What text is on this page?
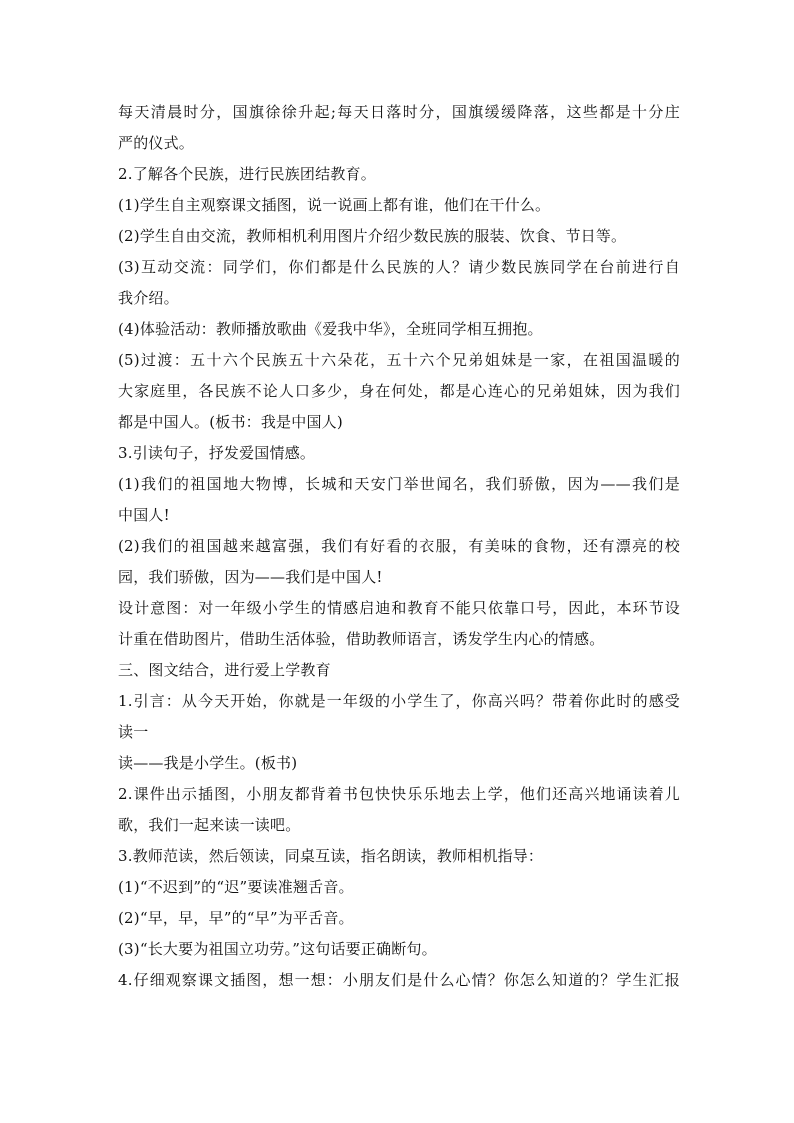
每天清晨时分，国旗徐徐升起;每天日落时分，国旗缓缓降落，这些都是十分庄
严的仪式。
2.了解各个民族，进行民族团结教育。
(1)学生自主观察课文插图，说一说画上都有谁，他们在干什么。
(2)学生自由交流，教师相机利用图片介绍少数民族的服装、饮食、节日等。
(3)互动交流：同学们，你们都是什么民族的人？请少数民族同学在台前进行自
我介绍。
(4)体验活动：教师播放歌曲《爱我中华》，全班同学相互拥抱。
(5)过渡：五十六个民族五十六朵花，五十六个兄弟姐妹是一家，在祖国温暖的
大家庭里，各民族不论人口多少，身在何处，都是心连心的兄弟姐妹，因为我们
都是中国人。(板书：我是中国人)
3.引读句子，抒发爱国情感。
(1)我们的祖国地大物博，长城和天安门举世闻名，我们骄傲，因为——我们是
中国人!
(2)我们的祖国越来越富强，我们有好看的衣服，有美味的食物，还有漂亮的校
园，我们骄傲，因为——我们是中国人!
设计意图：对一年级小学生的情感启迪和教育不能只依靠口号，因此，本环节设
计重在借助图片，借助生活体验，借助教师语言，诱发学生内心的情感。
三、图文结合，进行爱上学教育
1.引言：从今天开始，你就是一年级的小学生了，你高兴吗？带着你此时的感受
读一
读——我是小学生。(板书)
2.课件出示插图，小朋友都背着书包快快乐乐地去上学，他们还高兴地诵读着儿
歌，我们一起来读一读吧。
3.教师范读，然后领读，同桌互读，指名朗读，教师相机指导：
(1)“不迟到”的“迟”要读准翘舌音。
(2)“早，早，早”的“早”为平舌音。
(3)“长大要为祖国立功劳。”这句话要正确断句。
4.仔细观察课文插图，想一想：小朋友们是什么心情？你怎么知道的？学生汇报
